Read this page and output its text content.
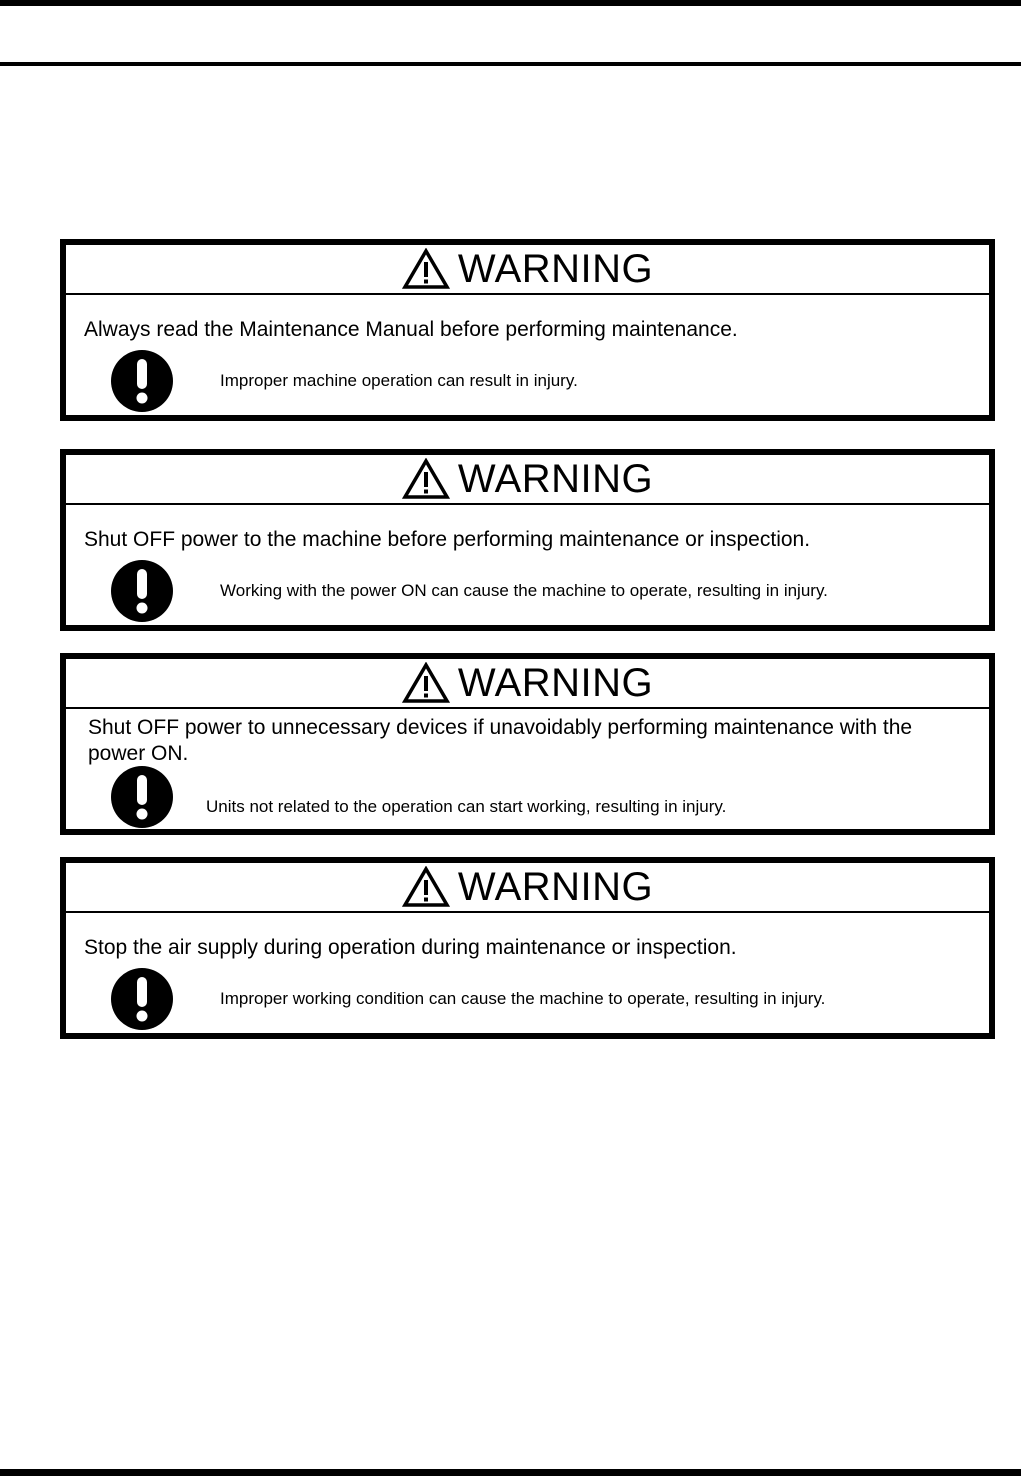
WARNING
Always read the Maintenance Manual before performing maintenance.
Improper machine operation can result in injury.
WARNING
Shut OFF power to the machine before performing maintenance or inspection.
Working with the power ON can cause the machine to operate, resulting in injury.
WARNING
Shut OFF power to unnecessary devices if unavoidably performing maintenance with the power ON.
Units not related to the operation can start working, resulting in injury.
WARNING
Stop the air supply during operation during maintenance or inspection.
Improper working condition can cause the machine to operate, resulting in injury.
